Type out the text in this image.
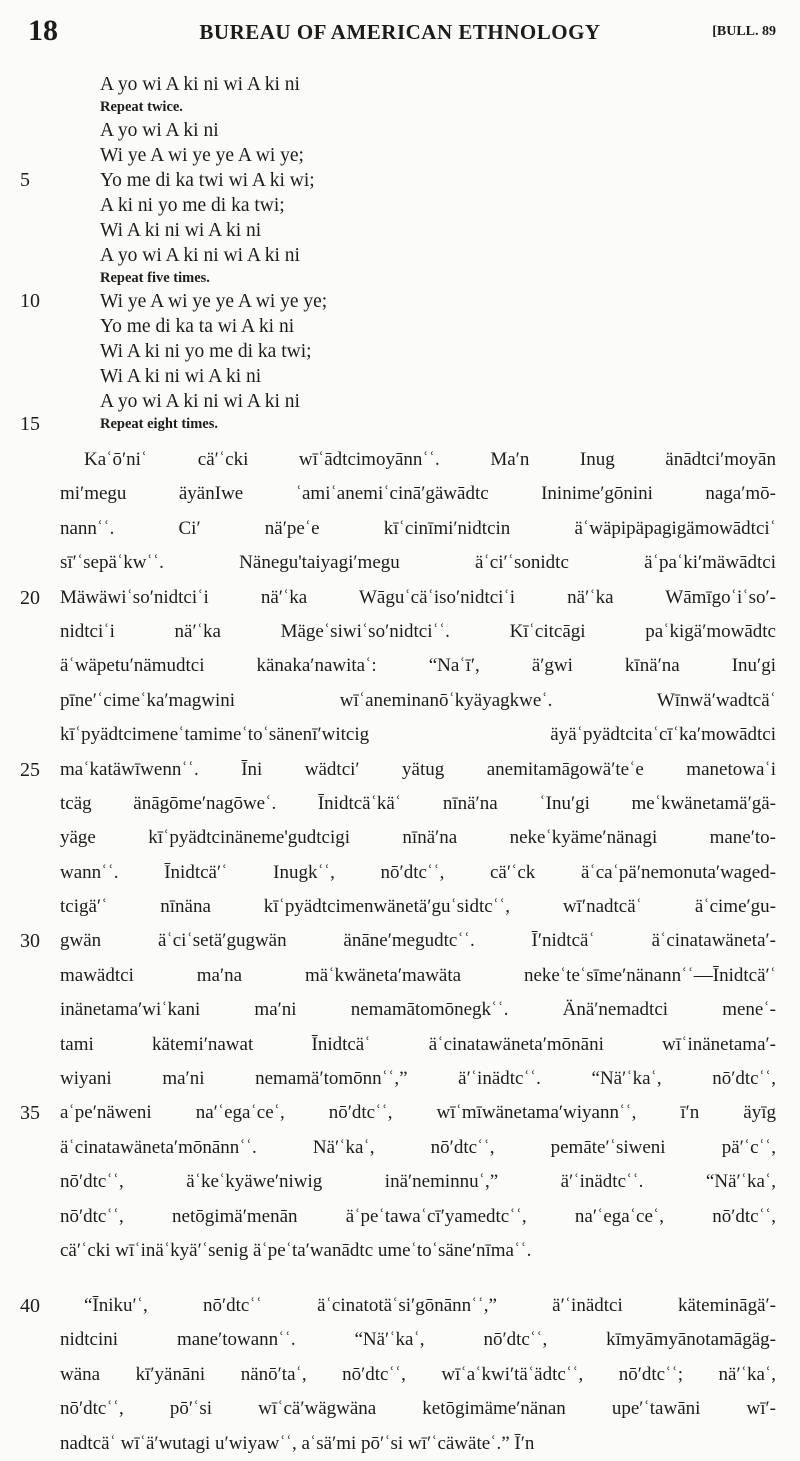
18	BUREAU OF AMERICAN ETHNOLOGY	[BULL. 89
A yo wi A ki ni wi A ki ni
Repeat twice.
A yo wi A ki ni
Wi ye A wi ye ye A wi ye;
5	Yo me di ka twi wi A ki wi;
A ki ni yo me di ka twi;
Wi A ki ni wi A ki ni
A yo wi A ki ni wi A ki ni
Repeat five times.
10	Wi ye A wi ye ye A wi ye ye;
Yo me di ka ta wi A ki ni
Wi A ki ni yo me di ka twi;
Wi A ki ni wi A ki ni
A yo wi A ki ni wi A ki ni
15	Repeat eight times.
Kaʿōʹniʿ cäʹʿcki wīʿādtcimoyānnʿʿ. Maʹn Inug änādtciʹmoyān
miʹmegu äyänIwe ʿamiʿanemiʿcināʹgäwādtc Ininimeʹgōnini nagaʹmō-
nannʿʿ. Ciʹ näʹpeʿe kīʿcinīmiʹnidtcin äʿwäpipäpagigämowādtciʿ
sīʹʿsepäʿkwʿʿ. Nänegu'taiyagiʹmegu äʿciʹʿsonidtc äʿpaʿkiʹmäwādtci
20	Mäwäwiʿsoʹnidtciʿi näʹʿka Wāguʿcäʿisoʹnidtciʿi näʹʿka Wāmīgoʿiʿsoʹ-
nidtciʿi näʹʿka Mägeʿsiwiʿsoʹnidtciʿʿ. Kīʿcitcāgi paʿkigäʹmowādtc
äʿwäpetuʹnämudtci känakaʹnawitaʿ: “Naʿīʹ, äʹgwi kīnäʹna Inuʹgi
pīneʹʿcimeʿkaʹmagwini wīʿaneminanōʿkyäyagkweʿ. Wīnwäʹwadtcäʿ
kīʿpyädtcimeneʿtamimeʿtoʿsänenīʹwitcig äyäʿpyädtcitaʿcīʿkaʹmowādtci
25	maʿkatäwīwennʿʿ. Īni wädtciʹ yätug anemitamāgowäʹteʿe manetowaʿi
tcäg änāgōmeʹnagōweʿ. Īnidtcäʿkäʿ nīnäʹna ʿInuʹgi meʿkwänetamäʹgä-
yäge kīʿpyädtcinäneme'gudtcigi nīnäʹna nekeʿkyämeʹnänagi maneʹto-
wannʿʿ. Īnidtcäʹʿ Inugkʿʿ, nōʹdtcʿʿ, cäʹʿck äʿcaʿpäʹnemonutaʹwaged-
tcigäʹʿ nīnäna kīʿpyädtcimenwänetäʹguʿsidtcʿʿ, wīʹnadtcäʿ äʿcimeʹgu-
30	gwän äʿciʿsetäʹgugwän änāneʹmegudtcʿʿ. Īʹnidtcäʿ äʿcinatawänetaʹ-
mawädtci maʹna mäʿkwänetaʹmawäta nekeʿteʿsīmeʹnänannʿʿ—Īnidtcäʹʿ
inänetamaʹwiʿkani maʹni nemamātomōnegkʿʿ. Änäʹnemadtci meneʿ-
tami kätemiʹnawat Īnidtcäʿ äʿcinatawänetaʹmōnāni wīʿinänetamaʹ-
wiyani maʹni nemamäʹtomōnnʿʿ,” äʹʿinädtcʿʿ. “Näʹʿkaʿ, nōʹdtcʿʿ,
35	aʿpeʹnäweni naʹʿegaʿceʿ, nōʹdtcʿʿ, wīʿmīwänetamaʹwiyannʿʿ, īʹn äyīg
äʿcinatawänetaʹmōnānnʿʿ. Näʹʿkaʿ, nōʹdtcʿʿ, pemāteʹʿsiweni päʹʿcʿʿ,
nōʹdtcʿʿ, äʿkeʿkyäweʹniwig inäʹneminnuʿ,” äʹʿinädtcʿʿ. “Näʹʿkaʿ,
nōʹdtcʿʿ, netōgimäʹmenān äʿpeʿtawaʿcīʹyamedtcʿʿ, naʹʿegaʿceʿ, nōʹdtcʿʿ,
cäʹʿcki wīʿinäʿkyäʹʿsenig äʿpeʿtaʹwanādtc umeʿtoʿsäneʹnīmaʿʿ.
40	“Īnikuʹʿ, nōʹdtcʿʿ äʿcinatotäʿsiʹgōnānnʿʿ,” äʹʿinädtci kätemināgäʹ-
nidtcini maneʹtowannʿʿ. “Näʹʿkaʿ, nōʹdtcʿʿ, kīmyāmyānotamāgäg-
wäna kīʹyänāni nänōʹtaʿ, nōʹdtcʿʿ, wīʿaʿkwiʹtäʿädtcʿʿ, nōʹdtcʿʿ; näʹʿkaʿ,
nōʹdtcʿʿ, pōʹʿsi wīʿcäʹwägwäna ketōgimämeʹnänan upeʹʿtawāni wīʹ-
nadtcäʿ wīʿäʹwutagi uʹwiyawʿʿ, aʿsäʹmi pōʹʿsi wīʹʿcäwäteʿ.” Īʹn
